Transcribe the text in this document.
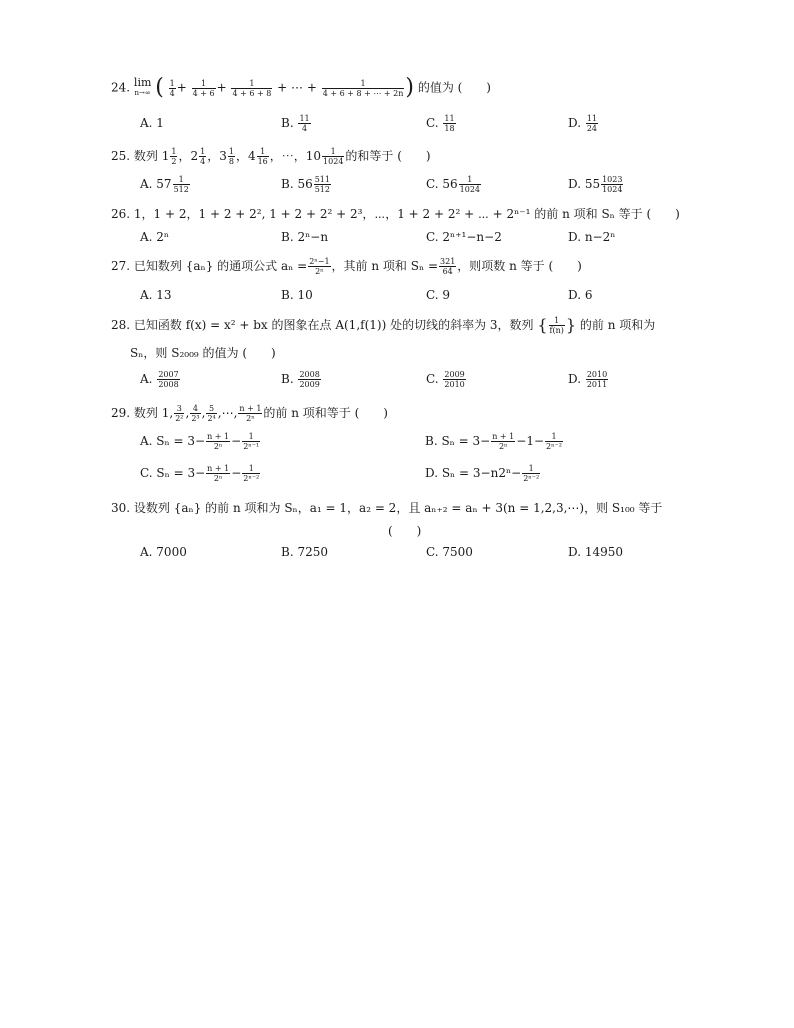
24. lim
n→∞ ( $\frac{1}{4} + \frac{1}{4 + 6} + \frac{1}{4 + 6 + 8}$ + ⋯ + $\frac{1}{4 + 6 + 8 + \cdots + 2n}$ ) 的值为 (　　)
A. 1	B. $\frac{11}{4}$	C. $\frac{11}{18}$	D. $\frac{11}{24}$
25. 数列 $1 \frac{1}{2}$ ，$2 \frac{1}{4}$ ，$3 \frac{1}{8}$ ，$4 \frac{1}{16}$ ，⋯，$10 \frac{1}{1024}$ 的和等于 (　　)
A. $57 \frac{1}{512}$	B. $56 \frac{511}{512}$	C. $56 \frac{1}{1024}$	D. $55 \frac{1023}{1024}$
26. 1，1 + 2，1 + 2 + 2², 1 + 2 + 2² + 2³，⋯，1 + 2 + 2² + ⋯ + 2ⁿ⁻¹ 的前 n 项和 Sₙ 等于 (　　)
A. 2ⁿ	B. 2ⁿ−n	C. 2ⁿ⁺¹−n−2	D. n−2ⁿ
27. 已知数列 {aₙ} 的通项公式 $a_n = \frac{\text{2ⁿ−1}}{\text{2ⁿ}}$ ，其前 n 项和 $S_n = \frac{321}{64}$ ，则项数 n 等于 (　　)
A. 13	B. 10	C. 9	D. 6
28. 已知函数 f(x) = x² + bx 的图象在点 A(1,f(1)) 处的切线的斜率为 3，数列 { $\frac{1}{f(n)}$ } 的前 n 项和为
Sₙ，则 S₂₀₀₉ 的值为 (　　)
A. $\frac{2007}{2008}$	B. $\frac{2008}{2009}$	C. $\frac{2009}{2010}$	D. $\frac{2010}{2011}$
29. 数列 1, $\frac{3}{\text{2²}}$ , $\frac{4}{\text{2³}}$ , $\frac{5}{\text{2⁴}}$ ,⋯, $\frac{n + 1}{\text{2ⁿ}}$ 的前 n 项和等于 (　　)
A. $S_n = 3- \frac{n + 1}{\text{2ⁿ}} - \frac{1}{\text{2ⁿ⁻¹}}$	B. $S_n = 3- \frac{n + 1}{\text{2ⁿ}} -1- \frac{1}{\text{2ⁿ⁻²}}$
C. $S_n = 3- \frac{n + 1}{\text{2ⁿ}} - \frac{1}{\text{2ⁿ⁻²}}$	D. $S_n = 3-n2^n- \frac{1}{\text{2ⁿ⁻²}}$
30. 设数列 {aₙ} 的前 n 项和为 Sₙ，a₁ = 1，a₂ = 2，且 aₙ₊₂ = aₙ + 3(n = 1,2,3,⋯)，则 S₁₀₀ 等于
(　　)
A. 7000	B. 7250	C. 7500	D. 14950
